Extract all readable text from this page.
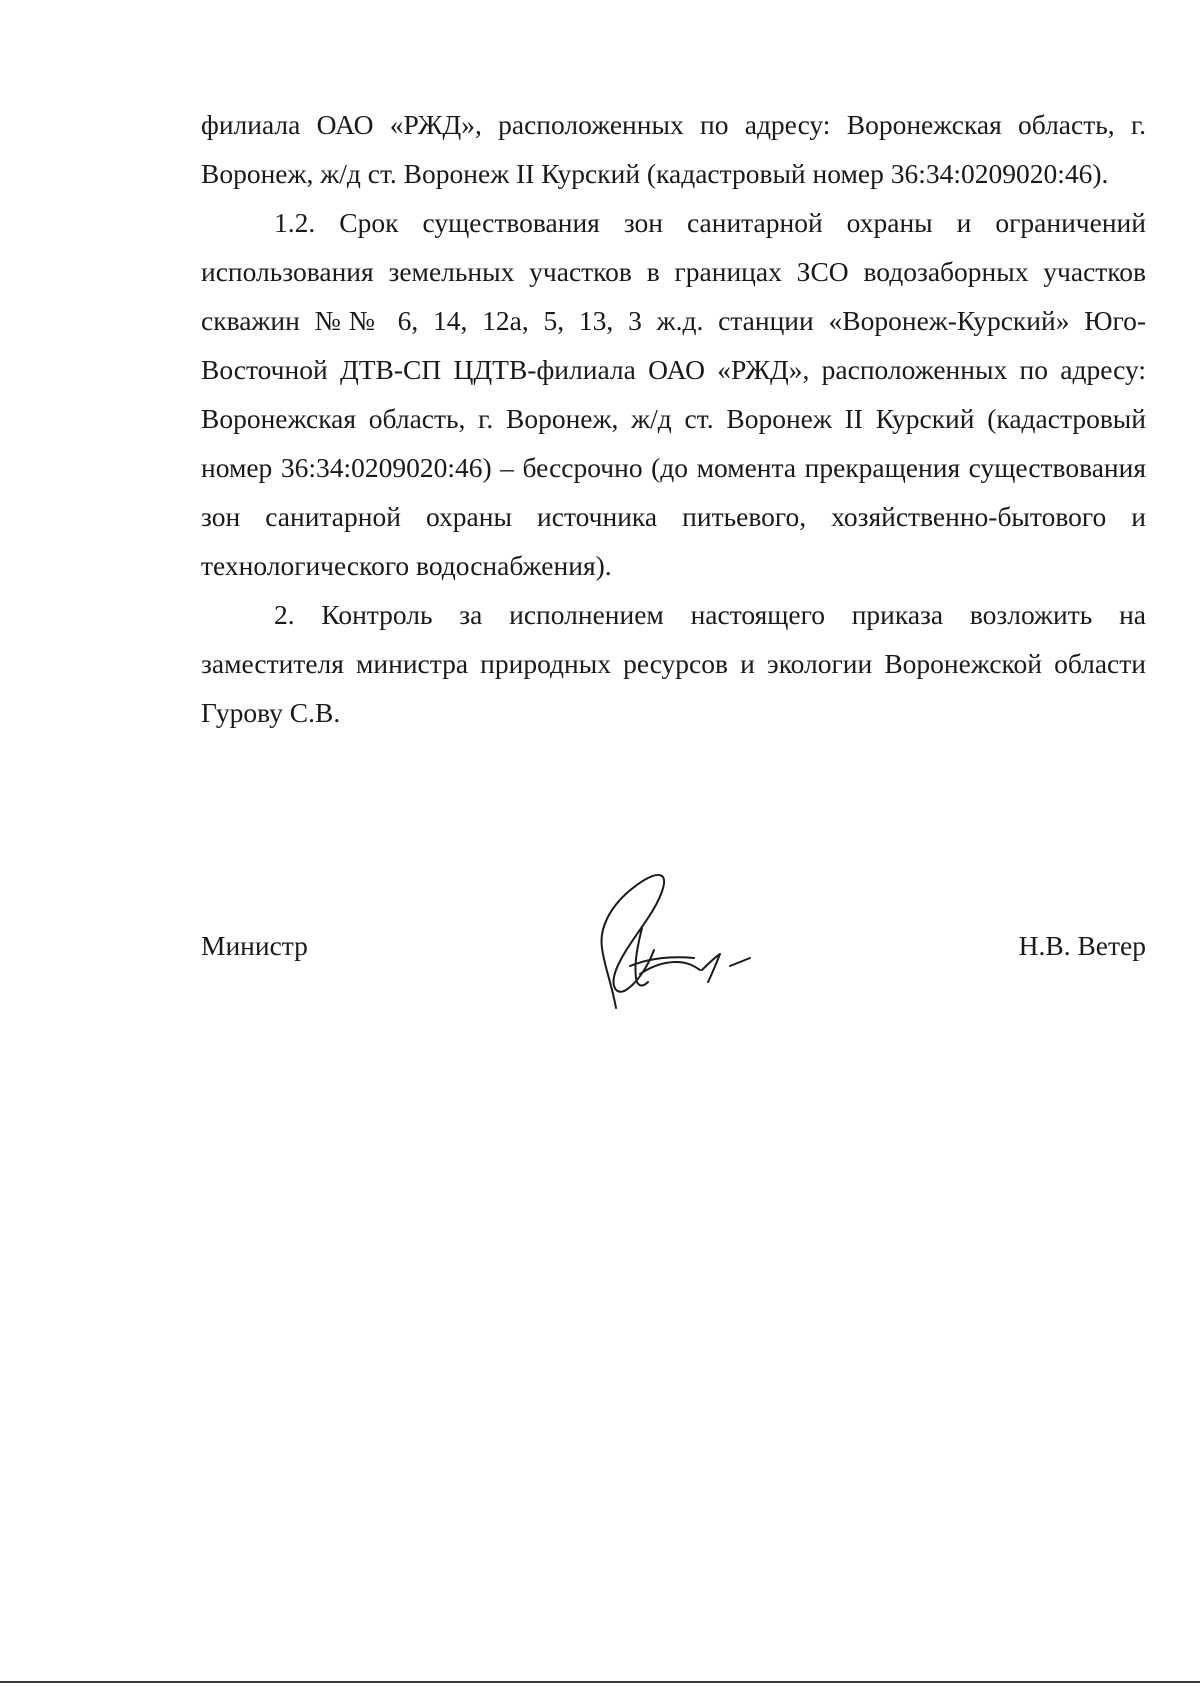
филиала ОАО «РЖД», расположенных по адресу: Воронежская область, г. Воронеж, ж/д ст. Воронеж II Курский (кадастровый номер 36:34:0209020:46).

1.2. Срок существования зон санитарной охраны и ограничений использования земельных участков в границах ЗСО водозаборных участков скважин №№ 6, 14, 12а, 5, 13, 3 ж.д. станции «Воронеж-Курский» Юго-Восточной ДТВ-СП ЦДТВ-филиала ОАО «РЖД», расположенных по адресу: Воронежская область, г. Воронеж, ж/д ст. Воронеж II Курский (кадастровый номер 36:34:0209020:46) – бессрочно (до момента прекращения существования зон санитарной охраны источника питьевого, хозяйственно-бытового и технологического водоснабжения).

2. Контроль за исполнением настоящего приказа возложить на заместителя министра природных ресурсов и экологии Воронежской области Гурову С.В.

Министр	Н.В. Ветер
